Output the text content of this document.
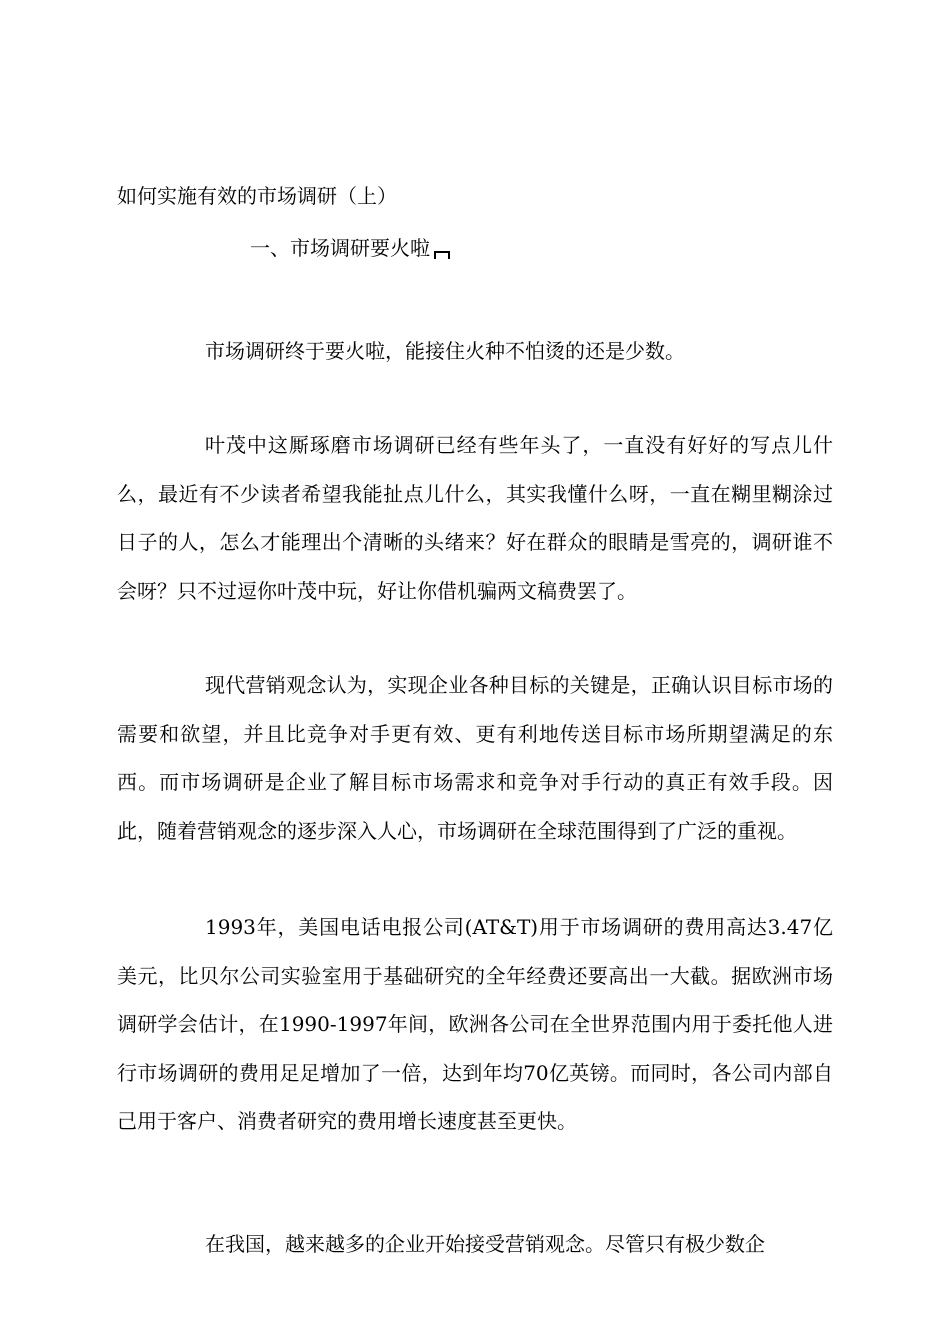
如何实施有效的市场调研（上）
一、市场调研要火啦

市场调研终于要火啦，能接住火种不怕烫的还是少数。

叶茂中这厮琢磨市场调研已经有些年头了，一直没有好好的写点儿什么，最近有不少读者希望我能扯点儿什么，其实我懂什么呀，一直在糊里糊涂过日子的人，怎么才能理出个清晰的头绪来？好在群众的眼睛是雪亮的，调研谁不会呀？只不过逗你叶茂中玩，好让你借机骗两文稿费罢了。

现代营销观念认为，实现企业各种目标的关键是，正确认识目标市场的需要和欲望，并且比竞争对手更有效、更有利地传送目标市场所期望满足的东西。而市场调研是企业了解目标市场需求和竞争对手行动的真正有效手段。因此，随着营销观念的逐步深入人心，市场调研在全球范围得到了广泛的重视。

1993年，美国电话电报公司(AT&T)用于市场调研的费用高达3.47亿美元，比贝尔公司实验室用于基础研究的全年经费还要高出一大截。据欧洲市场调研学会估计，在1990-1997年间，欧洲各公司在全世界范围内用于委托他人进行市场调研的费用足足增加了一倍，达到年均70亿英镑。而同时，各公司内部自己用于客户、消费者研究的费用增长速度甚至更快。

在我国，越来越多的企业开始接受营销观念。尽管只有极少数企
